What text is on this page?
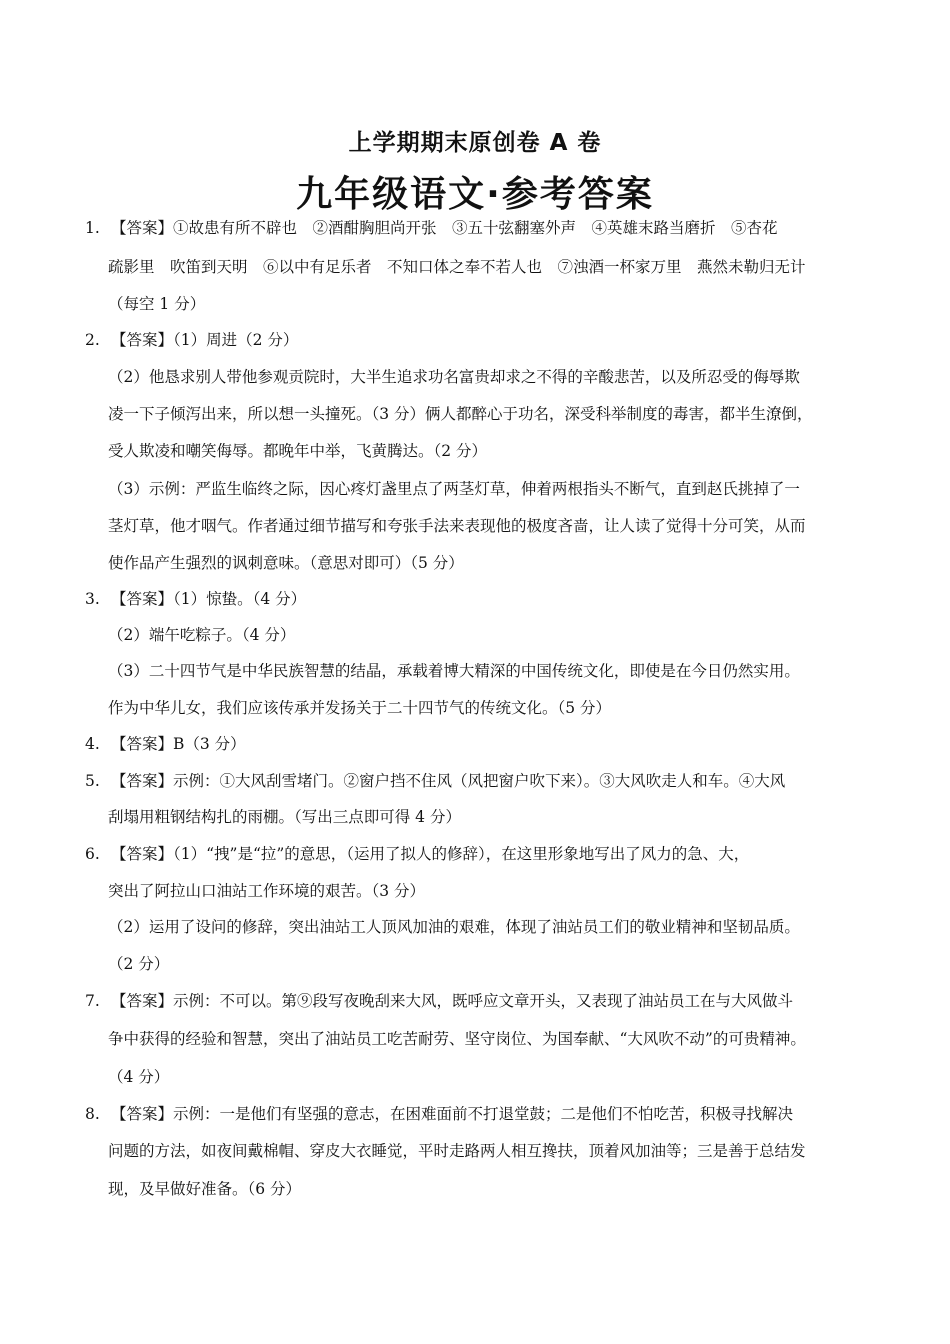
上学期期末原创卷 A 卷
九年级语文·参考答案
1. 【答案】①故患有所不辟也　②酒酣胸胆尚开张　③五十弦翻塞外声　④英雄末路当磨折　⑤杏花
疏影里　吹笛到天明　⑥以中有足乐者　不知口体之奉不若人也　⑦浊酒一杯家万里　燕然未勒归无计
（每空 1 分）
2. 【答案】（1）周进（2 分）
（2）他恳求别人带他参观贡院时，大半生追求功名富贵却求之不得的辛酸悲苦，以及所忍受的侮辱欺
凌一下子倾泻出来，所以想一头撞死。（3 分）俩人都醉心于功名，深受科举制度的毒害，都半生潦倒，
受人欺凌和嘲笑侮辱。都晚年中举，飞黄腾达。（2 分）
（3）示例：严监生临终之际，因心疼灯盏里点了两茎灯草，伸着两根指头不断气，直到赵氏挑掉了一
茎灯草，他才咽气。作者通过细节描写和夸张手法来表现他的极度吝啬，让人读了觉得十分可笑，从而
使作品产生强烈的讽刺意味。（意思对即可）（5 分）
3. 【答案】（1）惊蛰。（4 分）
（2）端午吃粽子。（4 分）
（3）二十四节气是中华民族智慧的结晶，承载着博大精深的中国传统文化，即使是在今日仍然实用。
作为中华儿女，我们应该传承并发扬关于二十四节气的传统文化。（5 分）
4. 【答案】B（3 分）
5. 【答案】示例：①大风刮雪堵门。②窗户挡不住风（风把窗户吹下来）。③大风吹走人和车。④大风
刮塌用粗钢结构扎的雨棚。（写出三点即可得 4 分）
6. 【答案】（1）“拽”是“拉”的意思，（运用了拟人的修辞），在这里形象地写出了风力的急、大，
突出了阿拉山口油站工作环境的艰苦。（3 分）
（2）运用了设问的修辞，突出油站工人顶风加油的艰难，体现了油站员工们的敬业精神和坚韧品质。
（2 分）
7. 【答案】示例：不可以。第⑨段写夜晚刮来大风，既呼应文章开头，又表现了油站员工在与大风做斗
争中获得的经验和智慧，突出了油站员工吃苦耐劳、坚守岗位、为国奉献、“大风吹不动”的可贵精神。
（4 分）
8. 【答案】示例：一是他们有坚强的意志，在困难面前不打退堂鼓；二是他们不怕吃苦，积极寻找解决
问题的方法，如夜间戴棉帽、穿皮大衣睡觉，平时走路两人相互搀扶，顶着风加油等；三是善于总结发
现，及早做好准备。（6 分）
